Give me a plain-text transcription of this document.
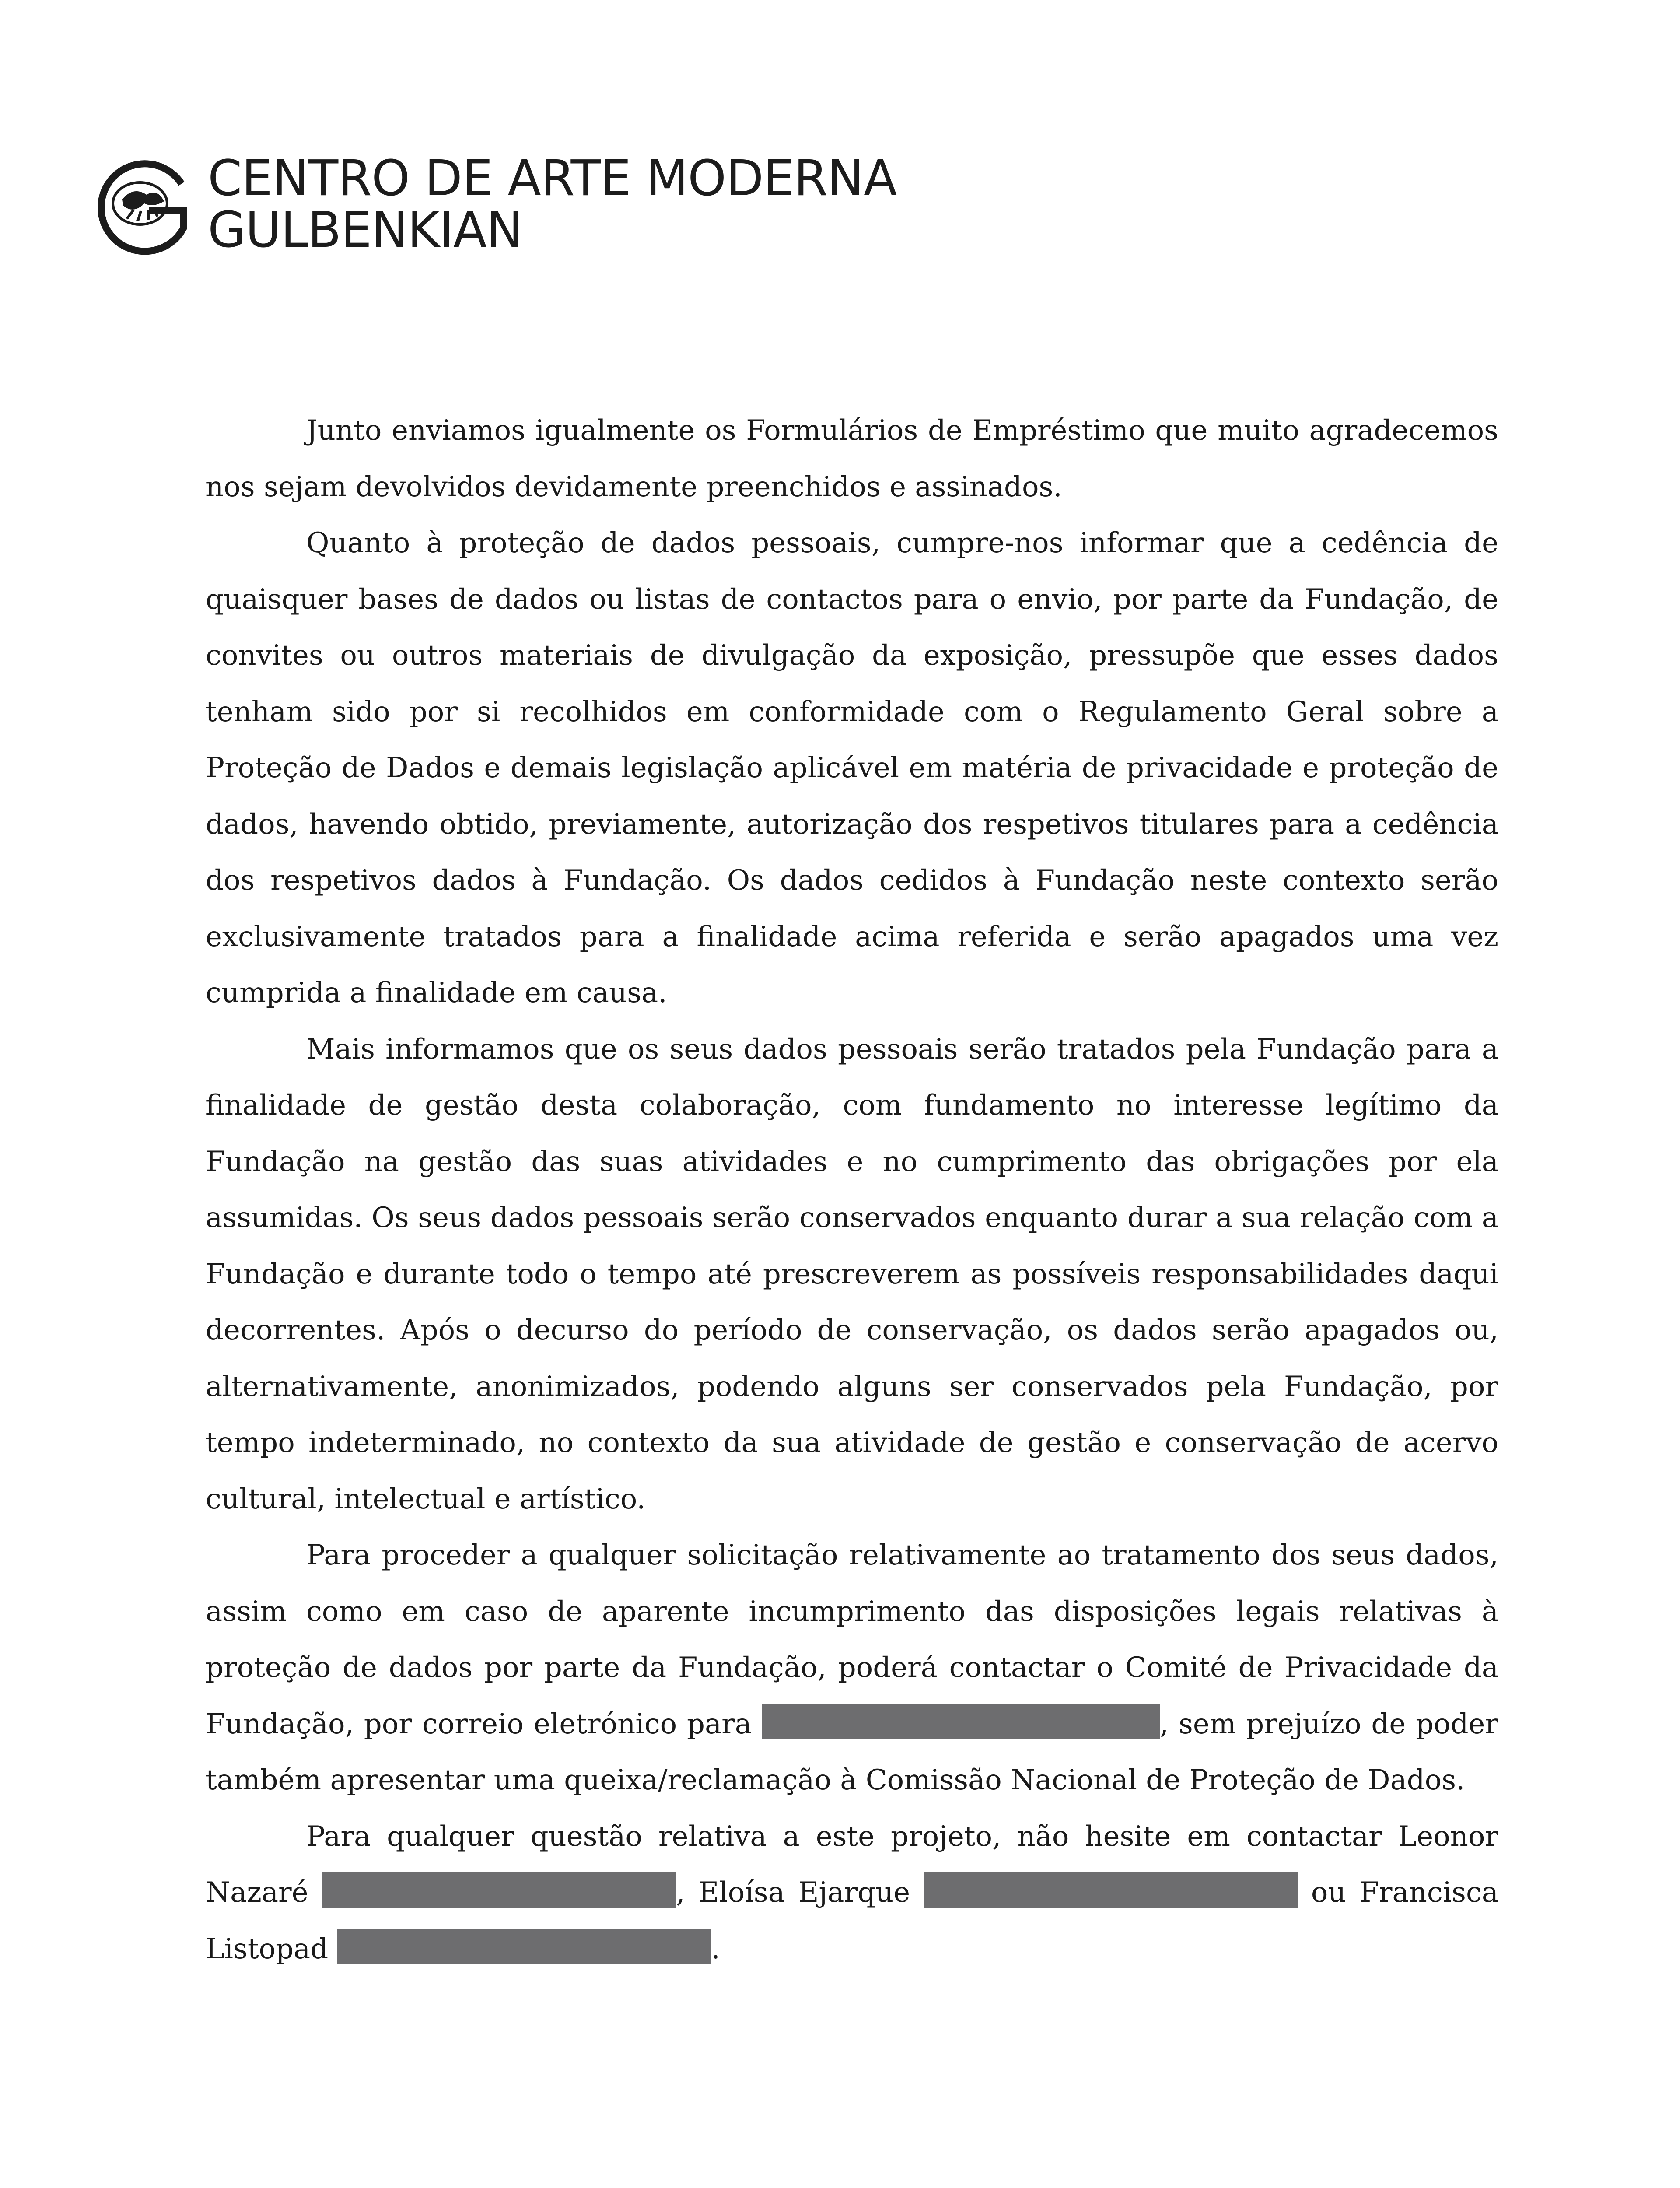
CENTRO DE ARTE MODERNA
GULBENKIAN

Junto enviamos igualmente os Formulários de Empréstimo que muito agradecemos nos sejam devolvidos devidamente preenchidos e assinados.

Quanto à proteção de dados pessoais, cumpre-nos informar que a cedência de quaisquer bases de dados ou listas de contactos para o envio, por parte da Fundação, de convites ou outros materiais de divulgação da exposição, pressupõe que esses dados tenham sido por si recolhidos em conformidade com o Regulamento Geral sobre a Proteção de Dados e demais legislação aplicável em matéria de privacidade e proteção de dados, havendo obtido, previamente, autorização dos respetivos titulares para a cedência dos respetivos dados à Fundação. Os dados cedidos à Fundação neste contexto serão exclusivamente tratados para a finalidade acima referida e serão apagados uma vez cumprida a finalidade em causa.

Mais informamos que os seus dados pessoais serão tratados pela Fundação para a finalidade de gestão desta colaboração, com fundamento no interesse legítimo da Fundação na gestão das suas atividades e no cumprimento das obrigações por ela assumidas. Os seus dados pessoais serão conservados enquanto durar a sua relação com a Fundação e durante todo o tempo até prescreverem as possíveis responsabilidades daqui decorrentes. Após o decurso do período de conservação, os dados serão apagados ou, alternativamente, anonimizados, podendo alguns ser conservados pela Fundação, por tempo indeterminado, no contexto da sua atividade de gestão e conservação de acervo cultural, intelectual e artístico.

Para proceder a qualquer solicitação relativamente ao tratamento dos seus dados, assim como em caso de aparente incumprimento das disposições legais relativas à proteção de dados por parte da Fundação, poderá contactar o Comité de Privacidade da Fundação, por correio eletrónico para	, sem prejuízo de poder também apresentar uma queixa/reclamação à Comissão Nacional de Proteção de Dados.

Para qualquer questão relativa a este projeto, não hesite em contactar Leonor Nazaré	, Eloísa Ejarque	ou Francisca Listopad	.
